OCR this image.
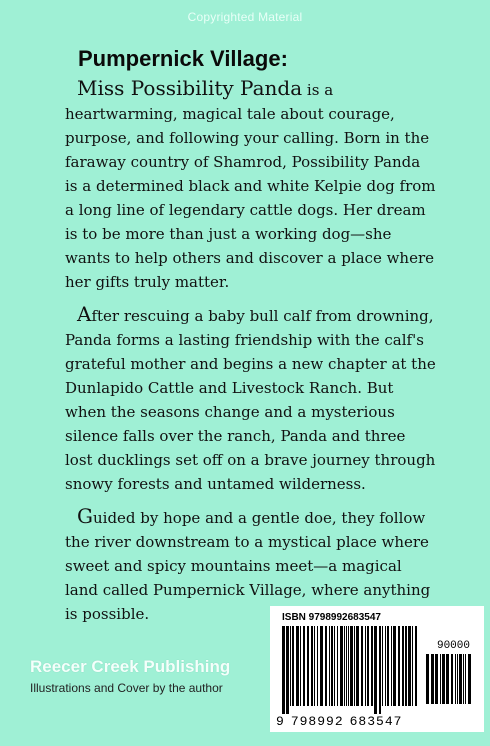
Copyrighted Material
Pumpernick Village:

Miss Possibility Panda is a heartwarming, magical tale about courage, purpose, and following your calling. Born in the faraway country of Shamrod, Possibility Panda is a determined black and white Kelpie dog from a long line of legendary cattle dogs. Her dream is to be more than just a working dog—she wants to help others and discover a place where her gifts truly matter.

After rescuing a baby bull calf from drowning, Panda forms a lasting friendship with the calf's grateful mother and begins a new chapter at the Dunlapido Cattle and Livestock Ranch. But when the seasons change and a mysterious silence falls over the ranch, Panda and three lost ducklings set off on a brave journey through snowy forests and untamed wilderness.

Guided by hope and a gentle doe, they follow the river downstream to a mystical place where sweet and spicy mountains meet—a magical land called Pumpernick Village, where anything is possible.

Reecer Creek Publishing
Illustrations and Cover by the author
ISBN 9798992683547
90000
9 798992 683547
